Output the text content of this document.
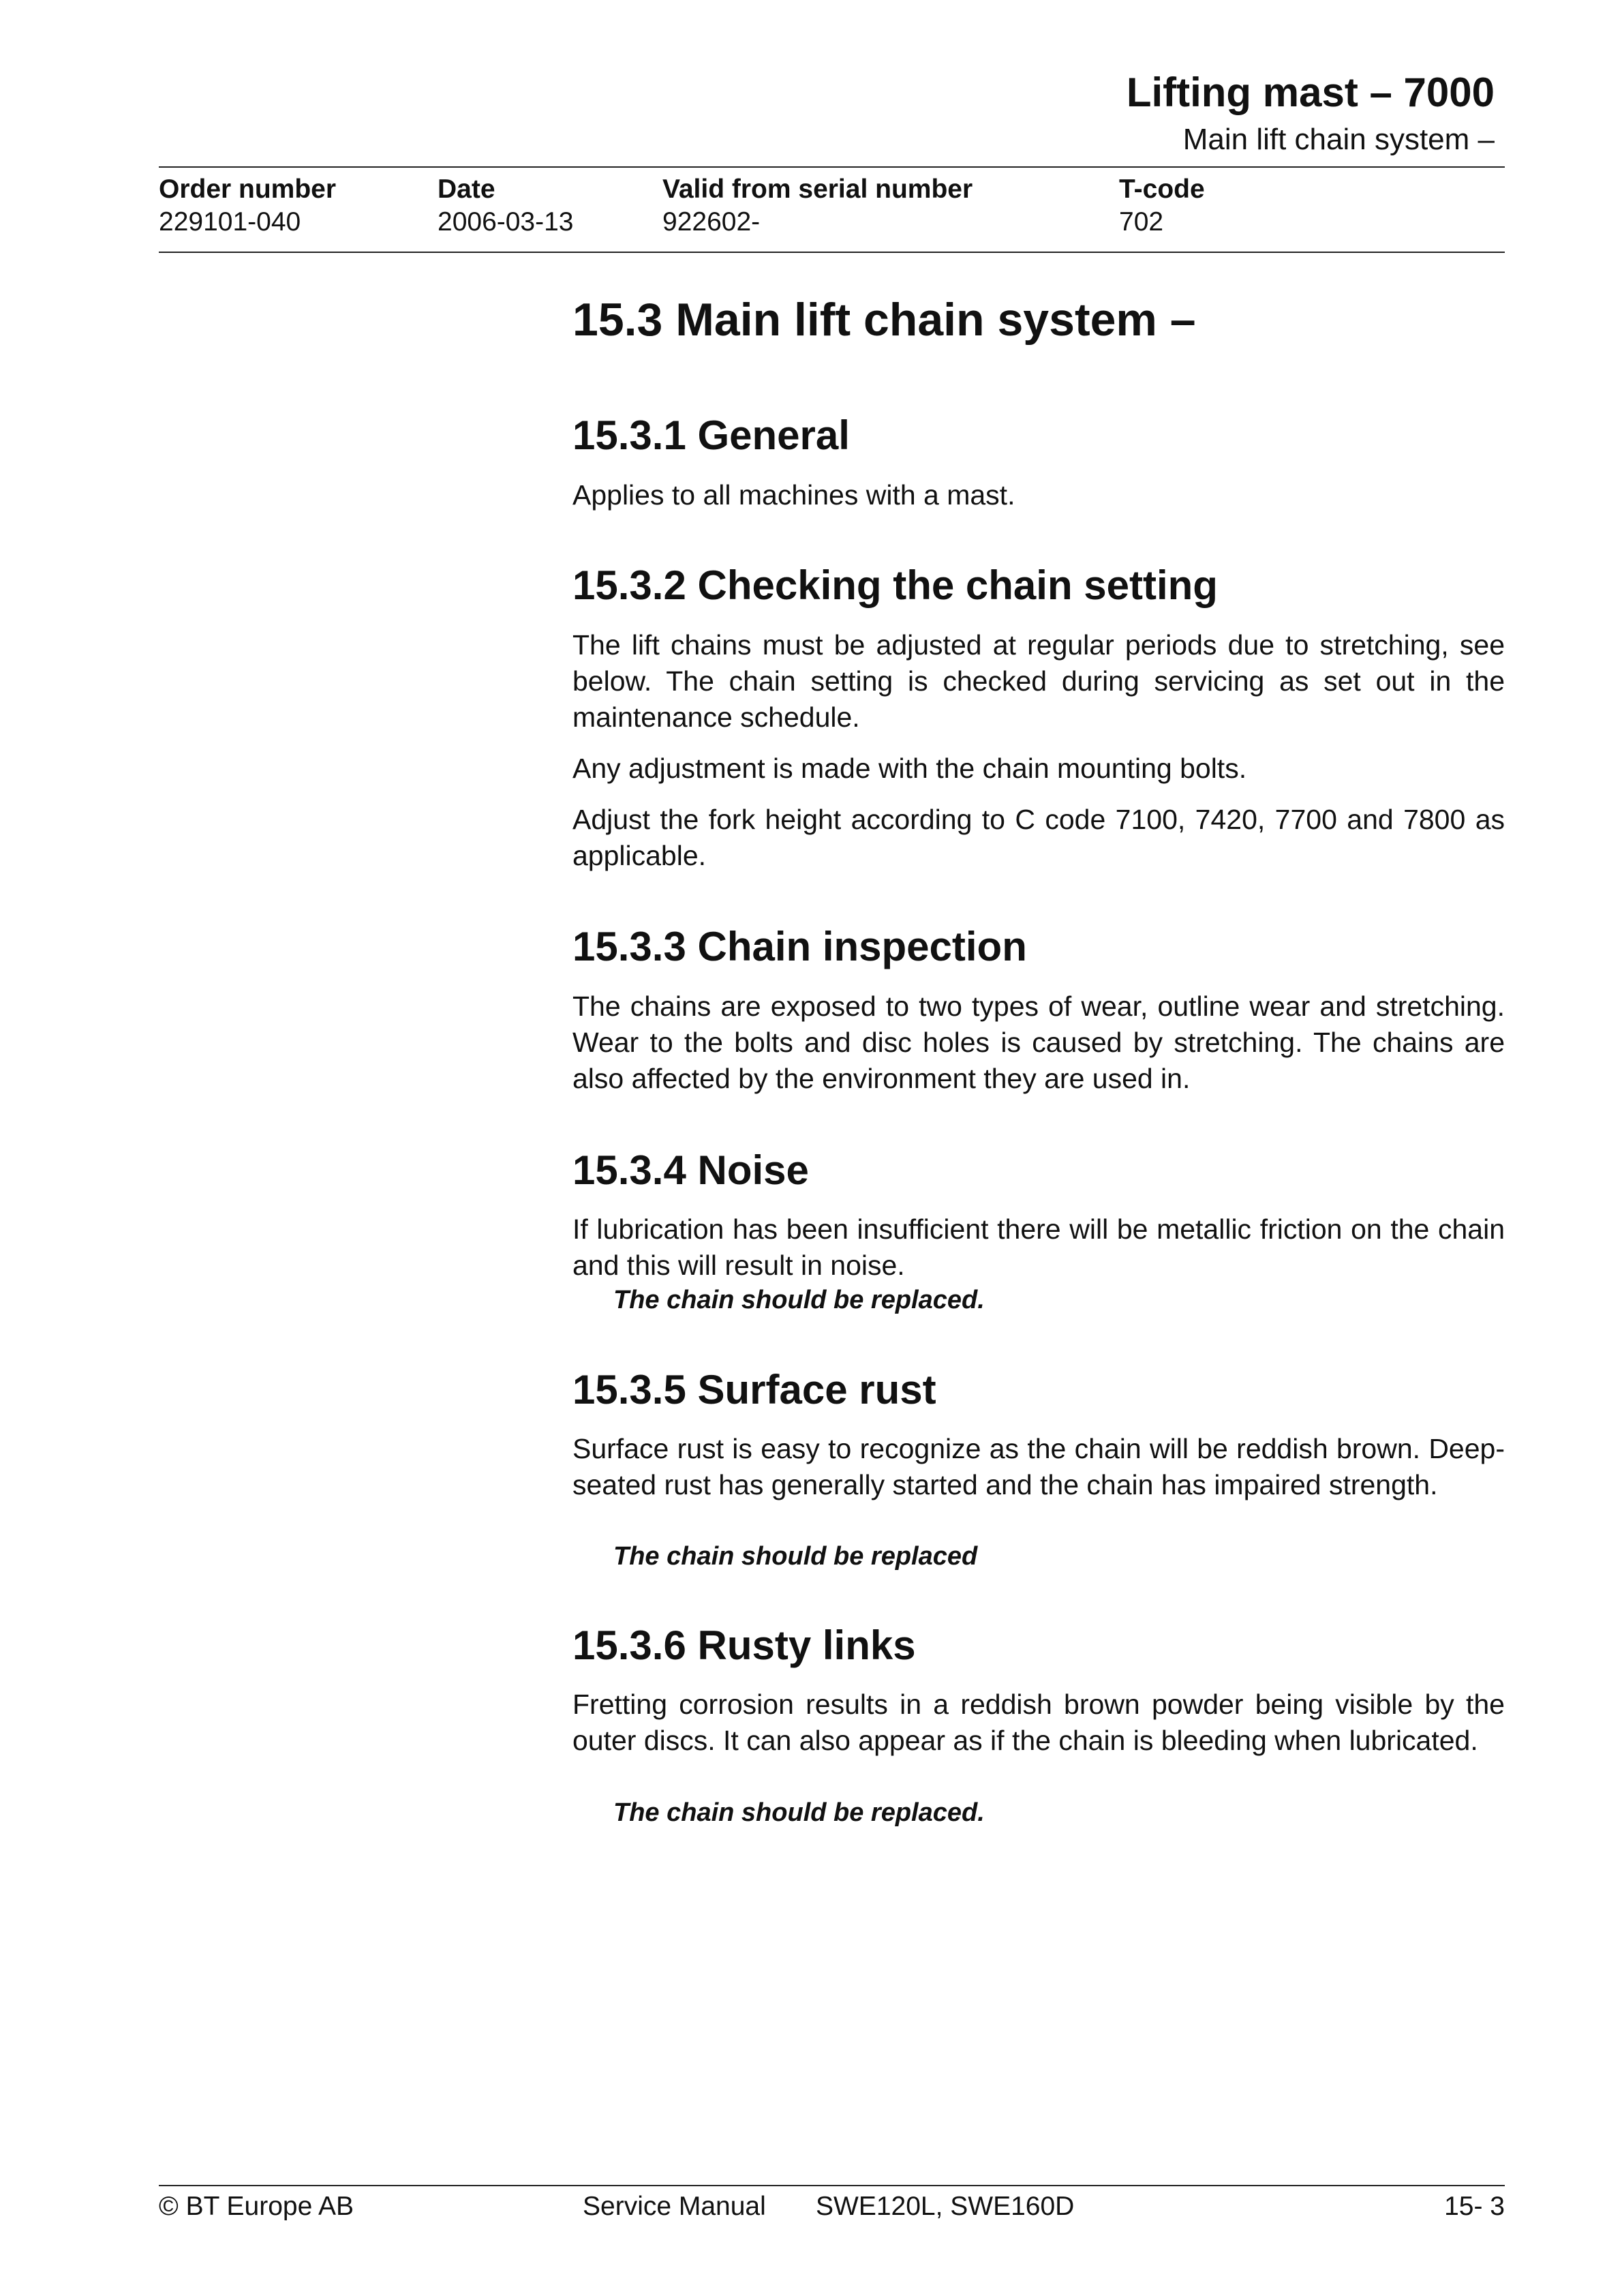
Lifting mast – 7000
Main lift chain system –
Order number
229101-040
Date
2006-03-13
Valid from serial number
922602-
T-code
702
15.3 Main lift chain system –
15.3.1 General

Applies to all machines with a mast.

15.3.2 Checking the chain setting

The lift chains must be adjusted at regular periods due to stretching, see below. The chain setting is checked during servicing as set out in the maintenance schedule.

Any adjustment is made with the chain mounting bolts.

Adjust the fork height according to C code 7100, 7420, 7700 and 7800 as applicable.

15.3.3 Chain inspection

The chains are exposed to two types of wear, outline wear and stretching. Wear to the bolts and disc holes is caused by stretching. The chains are also affected by the environment they are used in.

15.3.4 Noise

If lubrication has been insufficient there will be metallic friction on the chain and this will result in noise.

The chain should be replaced.
15.3.5 Surface rust

Surface rust is easy to recognize as the chain will be reddish brown. Deep-seated rust has generally started and the chain has impaired strength.

The chain should be replaced
15.3.6 Rusty links

Fretting corrosion results in a reddish brown powder being visible by the outer discs. It can also appear as if the chain is bleeding when lubricated.

The chain should be replaced.
© BT Europe AB	Service Manual SWE120L, SWE160D	15- 3
